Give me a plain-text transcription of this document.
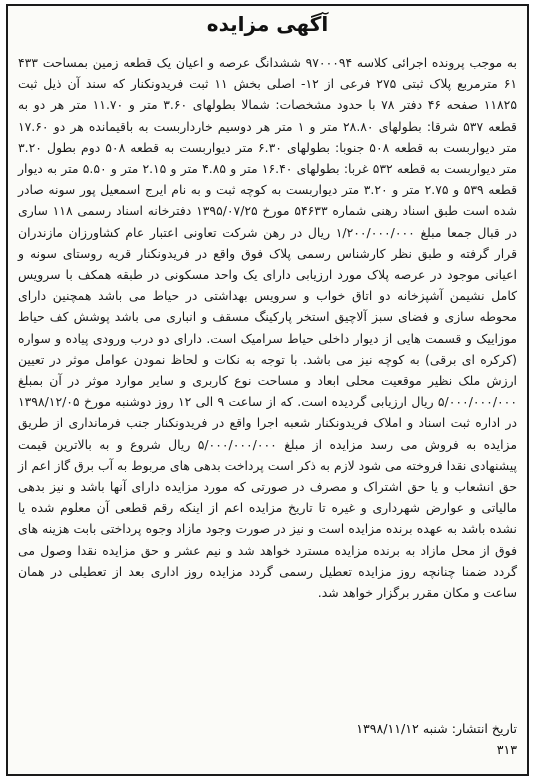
آگهی مزایده
به موجب پرونده اجرائی کلاسه ۹۷۰۰۰۹۴ ششدانگ عرصه و اعیان یک قطعه زمین بمساحت ۴۳۳ ۶۱ مترمربع پلاک ثبتی ۲۷۵ فرعی از ۱۲- اصلی بخش ۱۱ ثبت فریدونکنار که سند آن ذیل ثبت ۱۱۸۲۵ صفحه ۴۶ دفتر ۷۸ با حدود مشخصات: شمالا بطولهای ۳.۶۰ متر و ۱۱.۷۰ متر هر دو به قطعه ۵۳۷ شرقا: بطولهای ۲۸.۸۰ متر و ۱ متر هر دوسیم خارداربست به باقیمانده هر دو ۱۷.۶۰ متر دیواربست به قطعه ۵۰۸ جنوبا: بطولهای ۶.۳۰ متر دیواربست به قطعه ۵۰۸ دوم بطول ۳.۲۰ متر دیواربست به قطعه ۵۳۲ غربا: بطولهای ۱۶.۴۰ متر و ۴.۸۵ متر و ۲.۱۵ متر و ۵.۵۰ متر به دیوار قطعه ۵۳۹ و ۲.۷۵ متر و ۳.۲۰ متر دیواربست به کوچه ثبت و به نام ایرج اسمعیل پور سونه صادر شده است طبق اسناد رهنی شماره ۵۴۶۳۳ مورخ ۱۳۹۵/۰۷/۲۵ دفترخانه اسناد رسمی ۱۱۸ ساری در قبال جمعا مبلغ ۱/۲۰۰/۰۰۰/۰۰۰ ریال در رهن شرکت تعاونی اعتبار عام کشاورزان مازندران قرار گرفته و طبق نظر کارشناس رسمی پلاک فوق واقع در فریدونکنار قریه روستای سونه و اعیانی موجود در عرصه پلاک مورد ارزیابی دارای یک واحد مسکونی در طبقه همکف با سرویس کامل نشیمن آشپزخانه دو اتاق خواب و سرویس بهداشتی در حیاط می باشد همچنین دارای محوطه سازی و فضای سبز آلاچیق استخر پارکینگ مسقف و انباری می باشد پوشش کف حیاط موزاییک و قسمت هایی از دیوار داخلی حیاط سرامیک است. دارای دو درب ورودی پیاده و سواره (کرکره ای برقی) به کوچه نیز می باشد. با توجه به نکات و لحاظ نمودن عوامل موثر در تعیین ارزش ملک نظیر موقعیت محلی ابعاد و مساحت نوع کاربری و سایر موارد موثر در آن بمبلغ ۵/۰۰۰/۰۰۰/۰۰۰ ریال ارزیابی گردیده است. که از ساعت ۹ الی ۱۲ روز دوشنبه مورخ ۱۳۹۸/۱۲/۰۵ در اداره ثبت اسناد و املاک فریدونکنار شعبه اجرا واقع در فریدونکنار جنب فرمانداری از طریق مزایده به فروش می رسد مزایده از مبلغ ۵/۰۰۰/۰۰۰/۰۰۰ ریال شروع و به بالاترین قیمت پیشنهادی نقدا فروخته می شود لازم به ذکر است پرداخت بدهی های مربوط به آب برق گاز اعم از حق انشعاب و یا حق اشتراک و مصرف در صورتی که مورد مزایده دارای آنها باشد و نیز بدهی مالیاتی و عوارض شهرداری و غیره تا تاریخ مزایده اعم از اینکه رقم قطعی آن معلوم شده یا نشده باشد به عهده برنده مزایده است و نیز در صورت وجود مازاد وجوه پرداختی بابت هزینه های فوق از محل مازاد به برنده مزایده مسترد خواهد شد و نیم عشر و حق مزایده نقدا وصول می گردد ضمنا چنانچه روز مزایده تعطیل رسمی گردد مزایده روز اداری بعد از تعطیلی در همان ساعت و مکان مقرر برگزار خواهد شد.
تاریخ انتشار: شنبه ۱۳۹۸/۱۱/۱۲
۳۱۳
